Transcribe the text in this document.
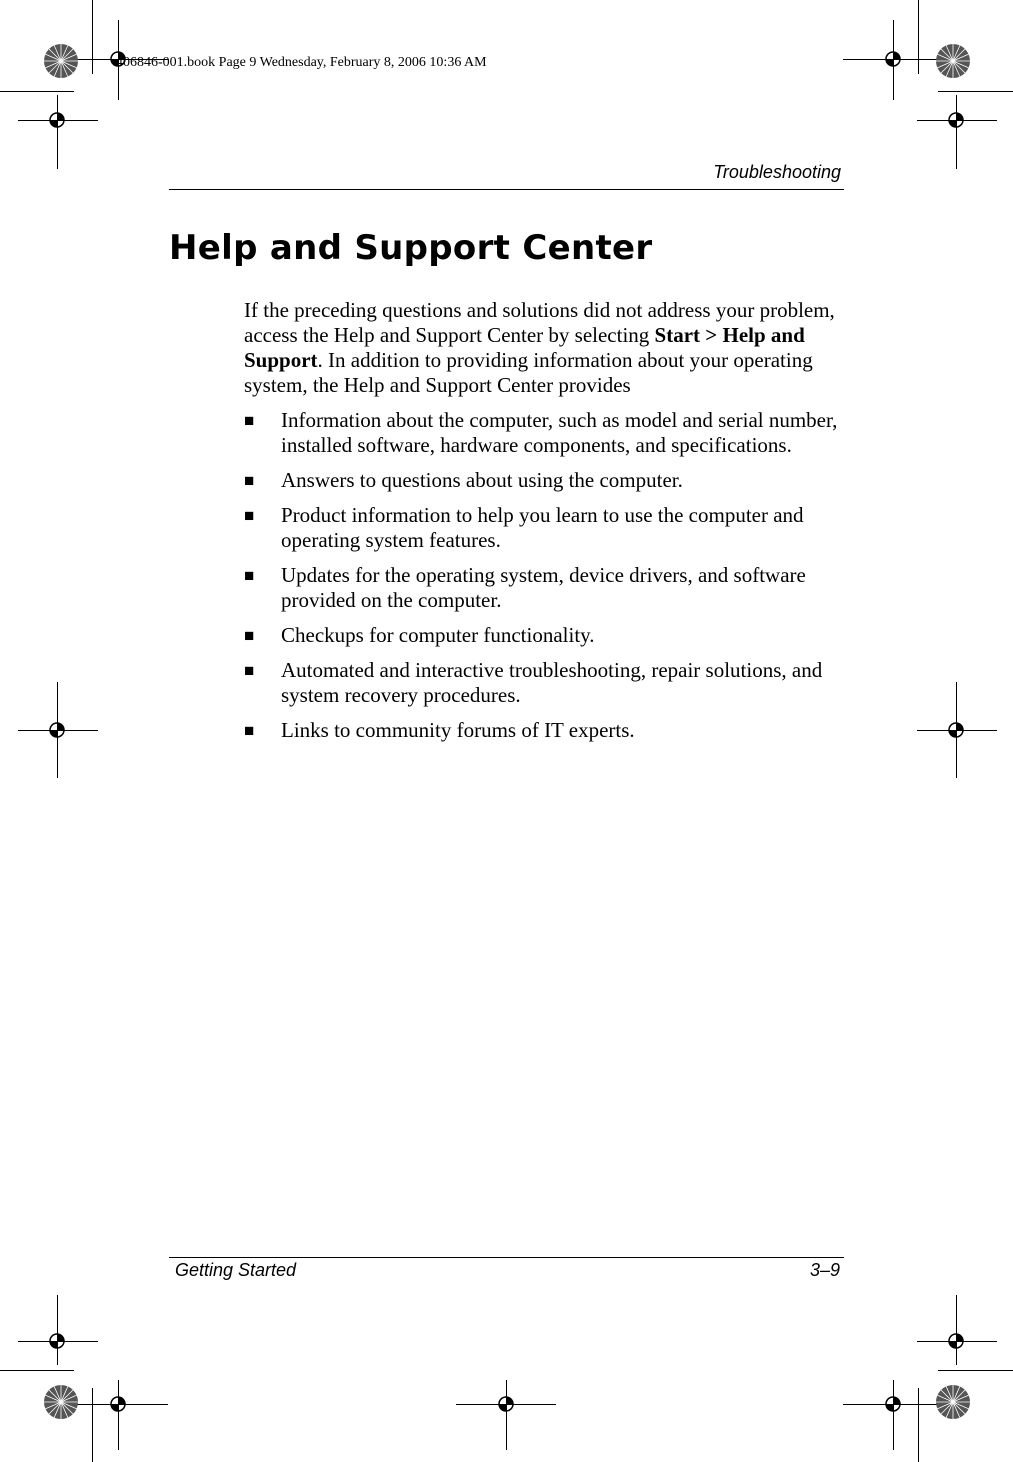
406846-001.book Page 9 Wednesday, February 8, 2006 10:36 AM
Troubleshooting
Help and Support Center

If the preceding questions and solutions did not address your problem, access the Help and Support Center by selecting Start > Help and Support. In addition to providing information about your operating system, the Help and Support Center provides

■ Information about the computer, such as model and serial number, installed software, hardware components, and specifications.
■ Answers to questions about using the computer.
■ Product information to help you learn to use the computer and operating system features.
■ Updates for the operating system, device drivers, and software provided on the computer.
■ Checkups for computer functionality.
■ Automated and interactive troubleshooting, repair solutions, and system recovery procedures.
■ Links to community forums of IT experts.
Getting Started	3–9
